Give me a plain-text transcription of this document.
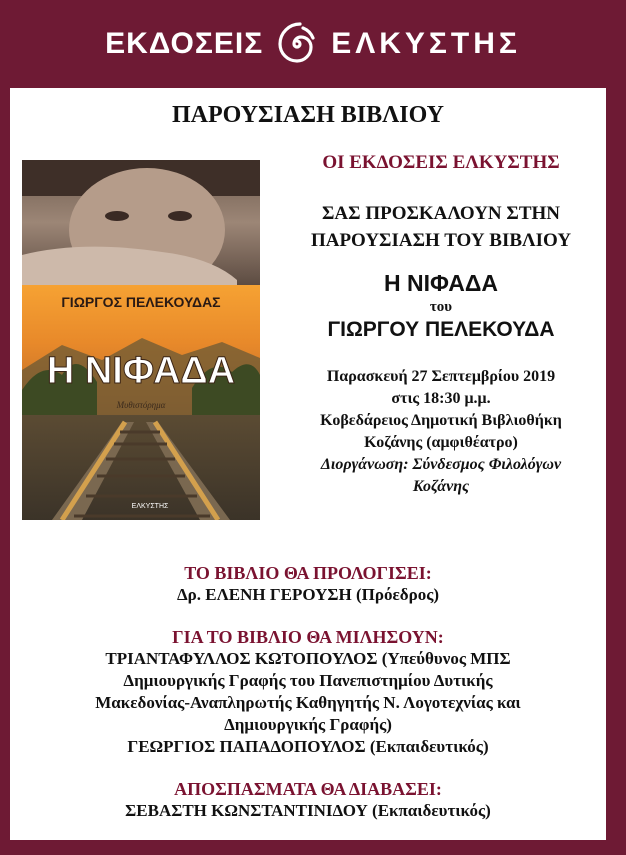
ΕΚΔΟΣΕΙΣ ΕΛΚΥΣΤΗΣ
ΠΑΡΟΥΣΙΑΣΗ ΒΙΒΛΙΟΥ
ΓΙΩΡΓΟΣ ΠΕΛΕΚΟΥΔΑΣ
Η ΝΙΦΑΔΑ
Μυθιστόρημα
ΕΛΚΥΣΤΗΣ
ΟΙ ΕΚΔΟΣΕΙΣ ΕΛΚΥΣΤΗΣ
ΣΑΣ ΠΡΟΣΚΑΛΟΥΝ ΣΤΗΝ
ΠΑΡΟΥΣΙΑΣΗ ΤΟΥ ΒΙΒΛΙΟΥ
Η ΝΙΦΑΔΑ
του
ΓΙΩΡΓΟΥ ΠΕΛΕΚΟΥΔΑ
Παρασκευή 27 Σεπτεμβρίου 2019
στις 18:30 μ.μ.
Κοβεδάρειος Δημοτική Βιβλιοθήκη
Κοζάνης (αμφιθέατρο)
Διοργάνωση: Σύνδεσμος Φιλολόγων
Κοζάνης
ΤΟ ΒΙΒΛΙΟ ΘΑ ΠΡΟΛΟΓΙΣΕΙ:
Δρ. ΕΛΕΝΗ ΓΕΡΟΥΣΗ (Πρόεδρος)
ΓΙΑ ΤΟ ΒΙΒΛΙΟ ΘΑ ΜΙΛΗΣΟΥΝ:
ΤΡΙΑΝΤΑΦΥΛΛΟΣ ΚΩΤΟΠΟΥΛΟΣ (Υπεύθυνος ΜΠΣ
Δημιουργικής Γραφής του Πανεπιστημίου Δυτικής
Μακεδονίας-Αναπληρωτής Καθηγητής Ν. Λογοτεχνίας και
Δημιουργικής Γραφής)
ΓΕΩΡΓΙΟΣ ΠΑΠΑΔΟΠΟΥΛΟΣ (Εκπαιδευτικός)
ΑΠΟΣΠΑΣΜΑΤΑ ΘΑ ΔΙΑΒΑΣΕΙ:
ΣΕΒΑΣΤΗ ΚΩΝΣΤΑΝΤΙΝΙΔΟΥ (Εκπαιδευτικός)
